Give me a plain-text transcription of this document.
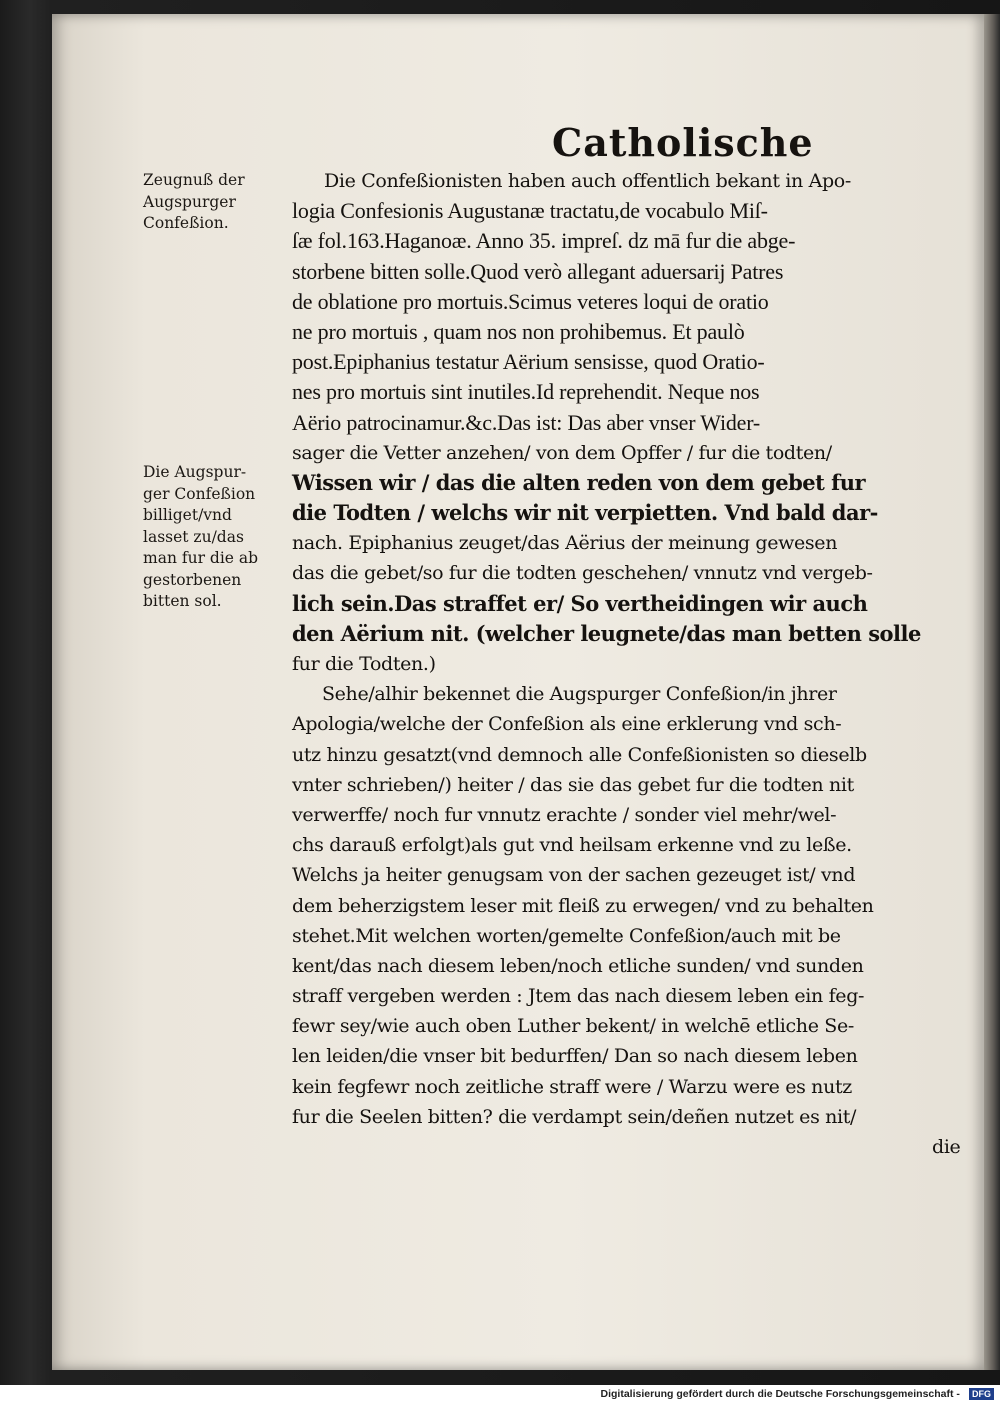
Catholische
Zeugnuß der
Augspurger
Confeßion.
Die Augspur-
ger Confeßion
billiget/vnd
lasset zu/das
man fur die ab
gestorbenen
bitten sol.
Die Confeßionisten haben auch offentlich bekant in Apo-
logia Confesionis Augustanæ tractatu,de vocabulo Miſ-
ſæ fol.163.Haganoæ. Anno 35. impreſ. dz mā fur die abge-
storbene bitten solle.Quod verò allegant aduersarij Patres
de oblatione pro mortuis.Scimus veteres loqui de oratio
ne pro mortuis , quam nos non prohibemus. Et paulò
post.Epiphanius testatur Aërium sensisse, quod Oratio-
nes pro mortuis sint inutiles.Id reprehendit. Neque nos
Aërio patrocinamur.&c.Das ist: Das aber vnser Wider-
sager die Vetter anzehen/ von dem Opffer / fur die todten/
Wissen wir / das die alten reden von dem gebet fur
die Todten / welchs wir nit verpietten. Vnd bald dar-
nach. Epiphanius zeuget/das Aërius der meinung gewesen
das die gebet/so fur die todten geschehen/ vnnutz vnd vergeb-
lich sein.Das straffet er/ So vertheidingen wir auch
den Aërium nit. (welcher leugnete/das man betten solle
fur die Todten.)
Sehe/alhir bekennet die Augspurger Confeßion/in jhrer
Apologia/welche der Confeßion als eine erklerung vnd sch-
utz hinzu gesatzt(vnd demnoch alle Confeßionisten so dieselb
vnter schrieben/) heiter / das sie das gebet fur die todten nit
verwerffe/ noch fur vnnutz erachte / sonder viel mehr/wel-
chs darauß erfolgt)als gut vnd heilsam erkenne vnd zu leße.
Welchs ja heiter genugsam von der sachen gezeuget ist/ vnd
dem beherzigstem leser mit fleiß zu erwegen/ vnd zu behalten
stehet.Mit welchen worten/gemelte Confeßion/auch mit be
kent/das nach diesem leben/noch etliche sunden/ vnd sunden
straff vergeben werden : Jtem das nach diesem leben ein feg-
fewr sey/wie auch oben Luther bekent/ in welchē etliche Se-
len leiden/die vnser bit bedurffen/ Dan so nach diesem leben
kein fegfewr noch zeitliche straff were / Warzu were es nutz
fur die Seelen bitten? die verdampt sein/deñen nutzet es nit/
die
Digitalisierung gefördert durch die Deutsche Forschungsgemeinschaft - DFG
